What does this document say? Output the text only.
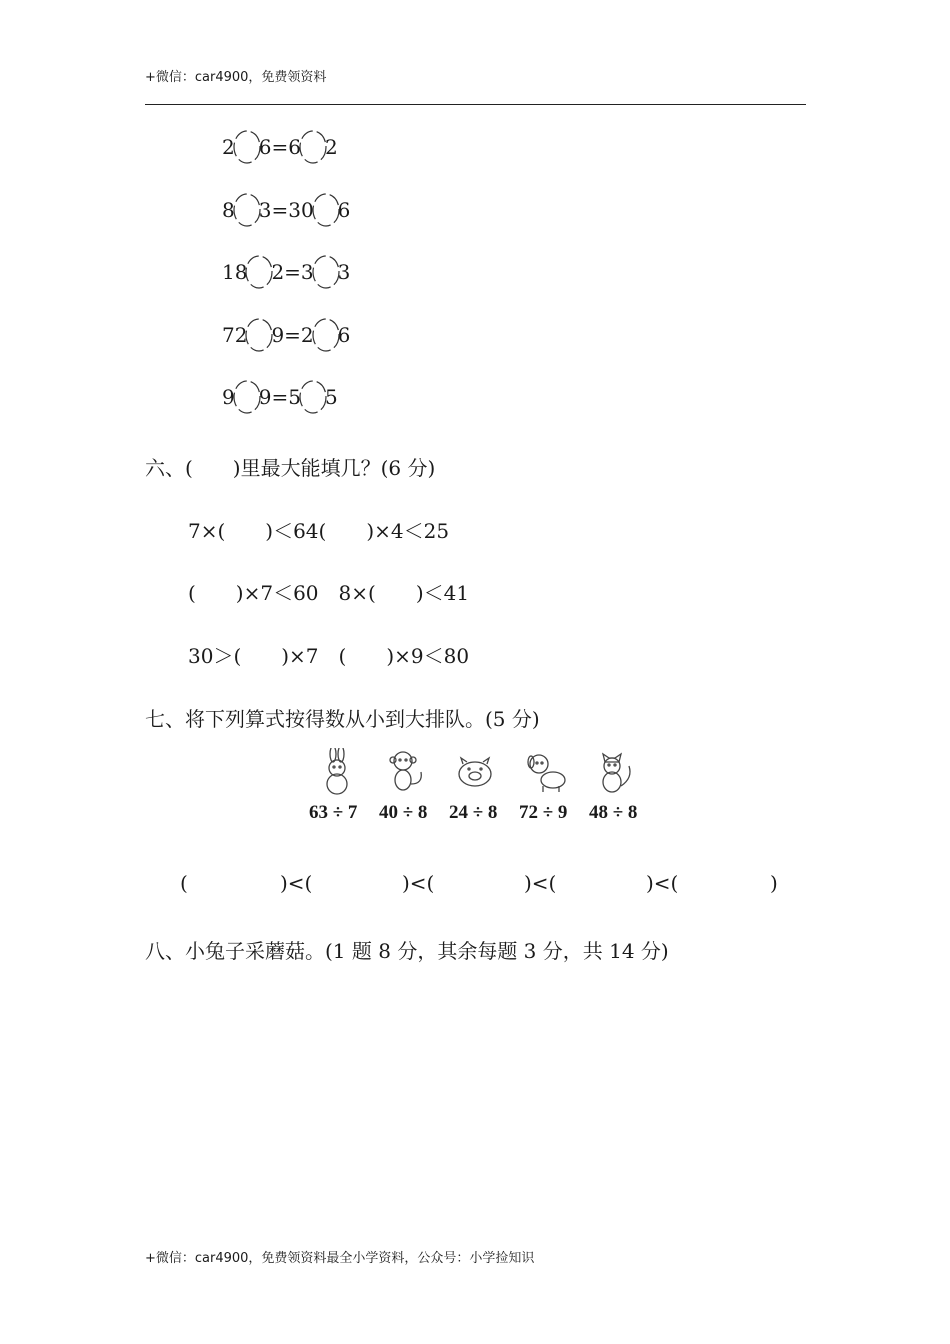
+微信：car4900，免费领资料
2 6=6 2
8 3=30 6
18 2=3 3
72 9=2 6
9 9=5 5
六、(　　)里最大能填几？(6 分)
7×(　　)＜64(　　)×4＜25
(　　)×7＜60　8×(　　)＜41
30＞(　　)×7　(　　)×9＜80
七、将下列算式按得数从小到大排队。(5 分)
63 ÷ 7 40 ÷ 8 24 ÷ 8 72 ÷ 9 48 ÷ 8
(	)<(	)<(	)<(	)<(	)
八、小兔子采蘑菇。(1 题 8 分，其余每题 3 分，共 14 分)
+微信：car4900，免费领资料最全小学资料，公众号：小学捡知识
